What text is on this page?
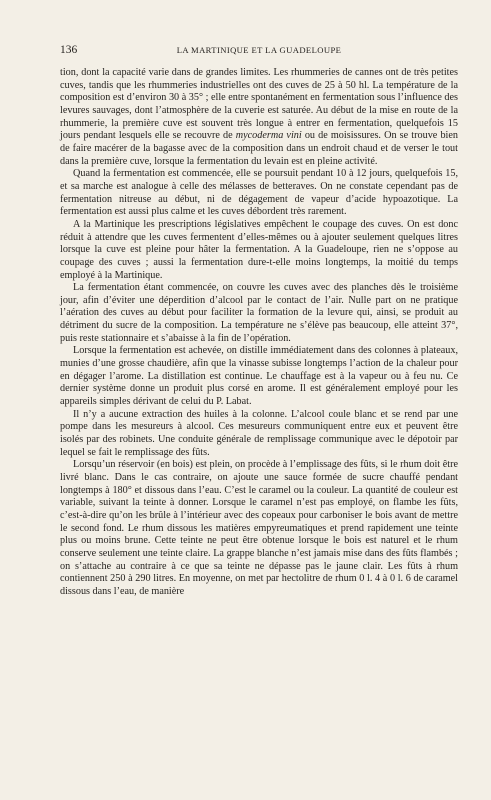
136	LA MARTINIQUE ET LA GUADELOUPE

tion, dont la capacité varie dans de grandes limites. Les rhummeries de cannes ont de très petites cuves, tandis que les rhummeries industrielles ont des cuves de 25 à 50 hl. La température de la composition est d’environ 30 à 35° ; elle entre spontanément en fermentation sous l’influence des levures sauvages, dont l’atmosphère de la cuverie est saturée. Au début de la mise en route de la rhummerie, la première cuve est souvent très longue à entrer en fermentation, quelquefois 15 jours pendant lesquels elle se recouvre de mycoderma vini ou de moisissures. On se trouve bien de faire macérer de la bagasse avec de la composition dans un endroit chaud et de verser le tout dans la première cuve, lorsque la fermentation du levain est en pleine activité.

Quand la fermentation est commencée, elle se poursuit pendant 10 à 12 jours, quelquefois 15, et sa marche est analogue à celle des mélasses de betteraves. On ne constate cependant pas de fermentation nitreuse au début, ni de dégagement de vapeur d’acide hypoazotique. La fermentation est aussi plus calme et les cuves débordent très rarement.

A la Martinique les prescriptions législatives empêchent le coupage des cuves. On est donc réduit à attendre que les cuves fermentent d’elles-mêmes ou à ajouter seulement quelques litres lorsque la cuve est pleine pour hâter la fermentation. A la Guadeloupe, rien ne s’oppose au coupage des cuves ; aussi la fermentation dure-t-elle moins longtemps, la moitié du temps employé à la Martinique.

La fermentation étant commencée, on couvre les cuves avec des planches dès le troisième jour, afin d’éviter une déperdition d’alcool par le contact de l’air. Nulle part on ne pratique l’aération des cuves au début pour faciliter la formation de la levure qui, ainsi, se produit au détriment du sucre de la composition. La température ne s’élève pas beaucoup, elle atteint 37°, puis reste stationnaire et s’abaisse à la fin de l’opération.

Lorsque la fermentation est achevée, on distille immédiatement dans des colonnes à plateaux, munies d’une grosse chaudière, afin que la vinasse subisse longtemps l’action de la chaleur pour en dégager l’arome. La distillation est continue. Le chauffage est à la vapeur ou à feu nu. Ce dernier système donne un produit plus corsé en arome. Il est généralement employé pour les appareils simples dérivant de celui du P. Labat.

Il n’y a aucune extraction des huiles à la colonne. L’alcool coule blanc et se rend par une pompe dans les mesureurs à alcool. Ces mesureurs communiquent entre eux et peuvent être isolés par des robinets. Une conduite générale de remplissage communique avec le dépotoir par lequel se fait le remplissage des fûts.

Lorsqu’un réservoir (en bois) est plein, on procède à l’emplissage des fûts, si le rhum doit être livré blanc. Dans le cas contraire, on ajoute une sauce formée de sucre chauffé pendant longtemps à 180° et dissous dans l’eau. C’est le caramel ou la couleur. La quantité de couleur est variable, suivant la teinte à donner. Lorsque le caramel n’est pas employé, on flambe les fûts, c’est-à-dire qu’on les brûle à l’intérieur avec des copeaux pour carboniser le bois avant de mettre le second fond. Le rhum dissous les matières empyreumatiques et prend rapidement une teinte plus ou moins brune. Cette teinte ne peut être obtenue lorsque le bois est naturel et le rhum conserve seulement une teinte claire. La grappe blanche n’est jamais mise dans des fûts flambés ; on s’attache au contraire à ce que sa teinte ne dépasse pas le jaune clair. Les fûts à rhum contiennent 250 à 290 litres. En moyenne, on met par hectolitre de rhum 0 l. 4 à 0 l. 6 de caramel dissous dans l’eau, de manière
